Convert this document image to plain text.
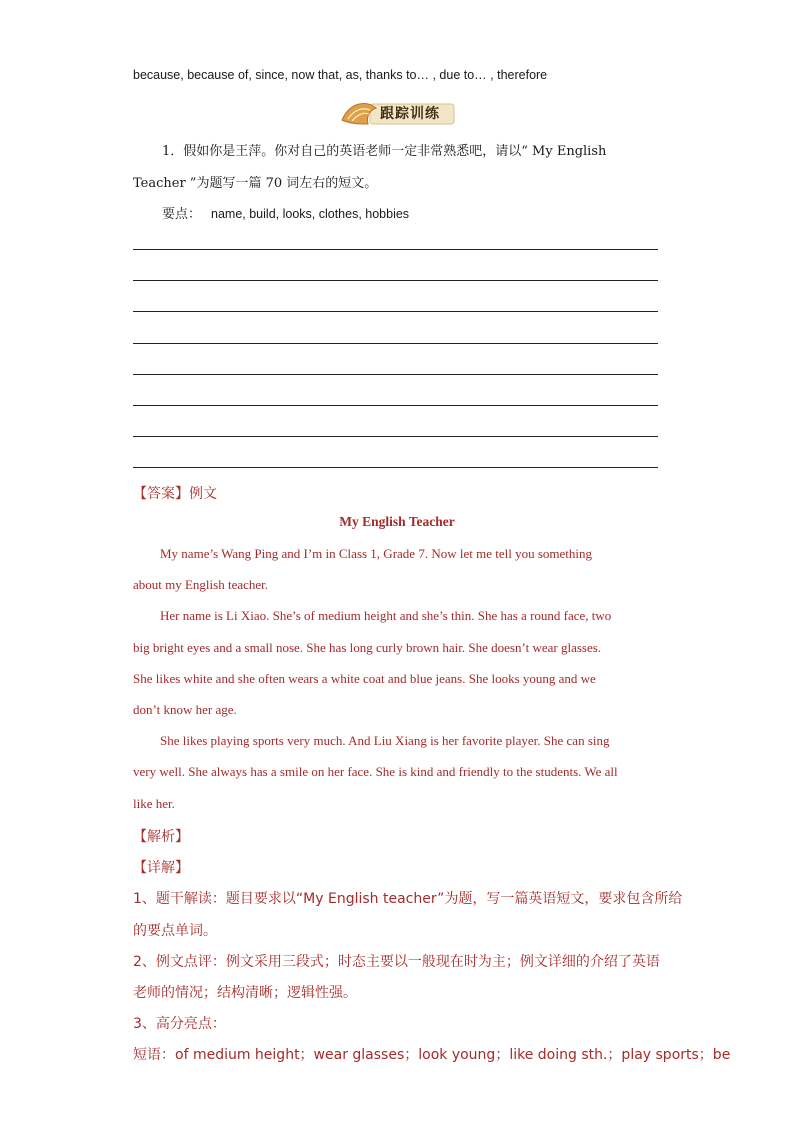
because, because of, since, now that, as, thanks to… , due to… , therefore
跟踪训练
1．假如你是王萍。你对自己的英语老师一定非常熟悉吧，请以“ My English
Teacher ”为题写一篇 70 词左右的短文。
要点： name, build, looks, clothes, hobbies
【答案】例文
My English Teacher
My name’s Wang Ping and I’m in Class 1, Grade 7. Now let me tell you something
about my English teacher.
Her name is Li Xiao. She’s of medium height and she’s thin. She has a round face, two
big bright eyes and a small nose. She has long curly brown hair. She doesn’t wear glasses.
She likes white and she often wears a white coat and blue jeans. She looks young and we
don’t know her age.
She likes playing sports very much. And Liu Xiang is her favorite player. She can sing
very well. She always has a smile on her face. She is kind and friendly to the students. We all
like her.
【解析】
【详解】
1、题干解读：题目要求以“My English teacher”为题，写一篇英语短文，要求包含所给
的要点单词。
2、例文点评：例文采用三段式；时态主要以一般现在时为主；例文详细的介绍了英语
老师的情况；结构清晰；逻辑性强。
3、高分亮点：
短语：of medium height；wear glasses；look young；like doing sth.；play sports；be
